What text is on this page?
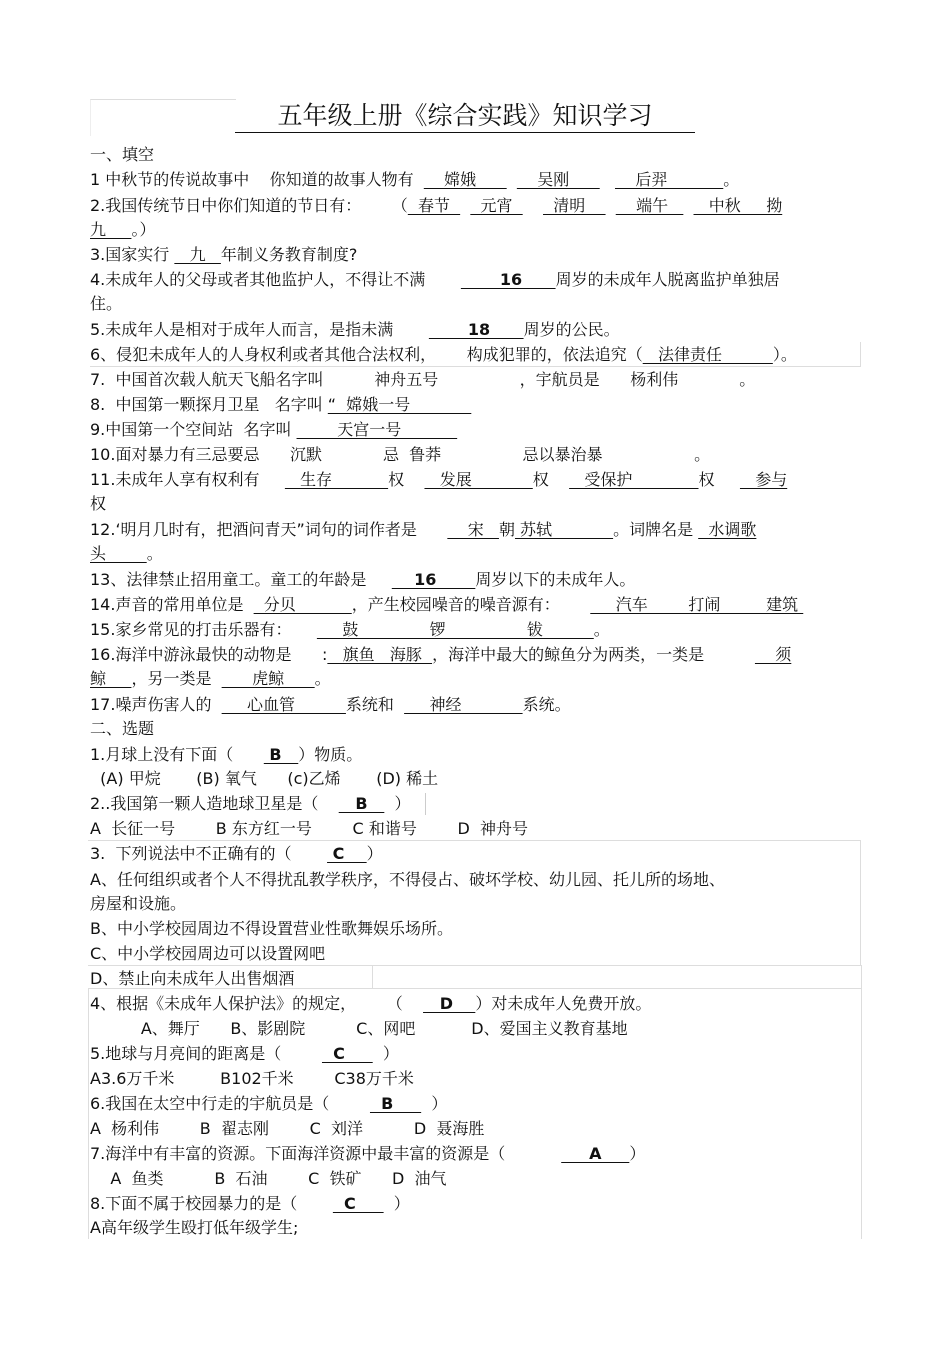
五年级上册《综合实践》知识学习
一、填空
1 中秋节的传说故事中    你知道的故事人物有      嫦娥            吴刚             后羿           。
2.我国传统节日中你们知道的节日有：      （  春节      元宵        清明          端午        中秋     拗
九     。）
3.国家实行    九   年制义务教育制度?
4.未成年人的父母或者其他监护人，不得让不满              16      周岁的未成年人脱离监护单独居
住。
5.未成年人是相对于成年人而言，是指未满              18      周岁的公民。
6、侵犯未成年人的人身权利或者其他合法权利，      构成犯罪的，依法追究（   法律责任          ）。
7.  中国首次载人航天飞船名字叫          神舟五号                ，宇航员是      杨利伟            。
8.  中国第一颗探月卫星   名字叫 “  嫦娥一号
9.中国第一个空间站  名字叫         天宫一号
10.面对暴力有三忌要忌      沉默            忌  鲁莽                忌以暴治暴                  。
11.未成年人享有权利有        生存           权       发展            权       受保护             权        参与
权
12.‘明月几时有，把酒问青天”词句的词作者是          宋   朝 苏轼            。词牌名是   水调歌
头        。
13、法律禁止招用童工。童工的年龄是         16       周岁以下的未成年人。
14.声音的常用单位是    分贝           ，产生校园噪音的噪音源有：           汽车        打闹         建筑
15.家乡常见的打击乐器有：          鼓              锣                钹          。
16.海洋中游泳最快的动物是      :   旗鱼   海豚  ，海洋中最大的鲸鱼分为两类，一类是              须
鲸     ，另一类是        虎鲸      。
17.噪声伤害人的       心血管          系统和       神经            系统。
二、选题
1.月球上没有下面（       B   ）物质。
(A) 甲烷       (B) 氧气      (c)乙烯       (D) 稀土
2..我国第一颗人造地球卫星是（       B     ）
A  长征一号        B 东方红一号        C 和谐号        D  神舟号
3.  下列说法中不正确有的（        C    ）
A、任何组织或者个人不得扰乱教学秩序，不得侵占、破坏学校、幼儿园、托儿所的场地、
房屋和设施。
B、中小学校园周边不得设置营业性歌舞娱乐场所。
C、中小学校园周边可以设置网吧
D、禁止向未成年人出售烟酒
4、根据《未成年人保护法》的规定，      （       D    ）对未成年人免费开放。
A、舞厅      B、影剧院          C、网吧           D、爱国主义教育基地
5.地球与月亮间的距离是（          C       ）
A3.6万千米         B102千米        C38万千米
6.我国在太空中行走的宇航员是（          B       ）
A  杨利伟        B  翟志刚        C  刘洋          D  聂海胜
7.海洋中有丰富的资源。下面海洋资源中最丰富的资源是（                A     ）
A  鱼类          B  石油        C  铁矿      D  油气
8.下面不属于校园暴力的是（         C       ）
A高年级学生殴打低年级学生;
